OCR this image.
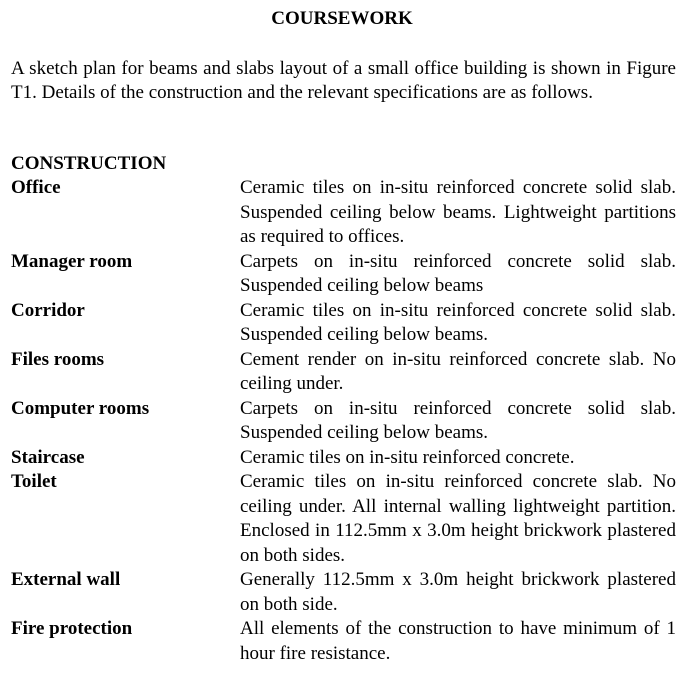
COURSEWORK
A sketch plan for beams and slabs layout of a small office building is shown in Figure T1. Details of the construction and the relevant specifications are as follows.
CONSTRUCTION
Office	Ceramic tiles on in-situ reinforced concrete solid slab. Suspended ceiling below beams. Lightweight partitions as required to offices.
Manager room	Carpets on in-situ reinforced concrete solid slab. Suspended ceiling below beams
Corridor	Ceramic tiles on in-situ reinforced concrete solid slab. Suspended ceiling below beams.
Files rooms	Cement render on in-situ reinforced concrete slab. No ceiling under.
Computer rooms	Carpets on in-situ reinforced concrete solid slab. Suspended ceiling below beams.
Staircase	Ceramic tiles on in-situ reinforced concrete.
Toilet	Ceramic tiles on in-situ reinforced concrete slab. No ceiling under. All internal walling lightweight partition. Enclosed in 112.5mm x 3.0m height brickwork plastered on both sides.
External wall	Generally 112.5mm x 3.0m height brickwork plastered on both side.
Fire protection	All elements of the construction to have minimum of 1 hour fire resistance.
